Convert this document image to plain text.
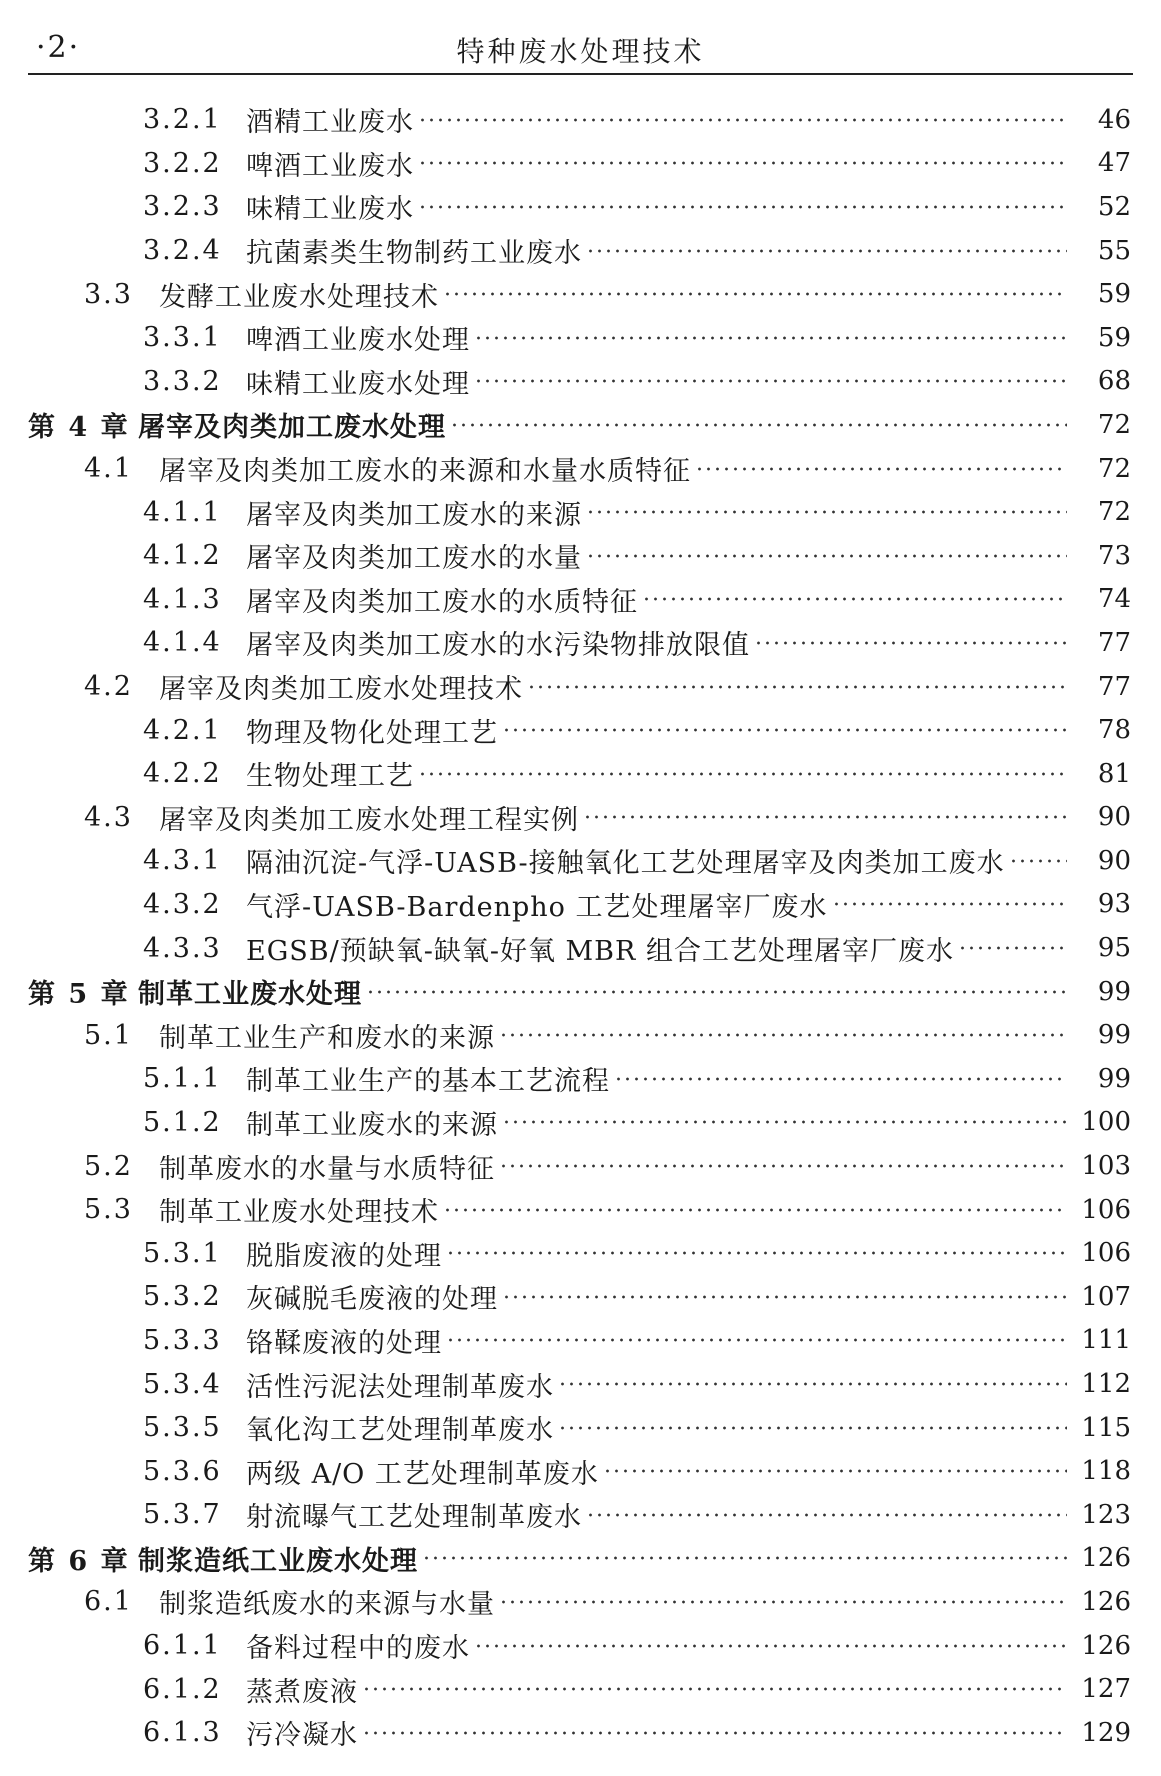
·2·	特种废水处理技术
3.2.1 酒精工业废水	46
3.2.2 啤酒工业废水	47
3.2.3 味精工业废水	52
3.2.4 抗菌素类生物制药工业废水	55
3.3 发酵工业废水处理技术	59
3.3.1 啤酒工业废水处理	59
3.3.2 味精工业废水处理	68
第 4 章 屠宰及肉类加工废水处理	72
4.1 屠宰及肉类加工废水的来源和水量水质特征	72
4.1.1 屠宰及肉类加工废水的来源	72
4.1.2 屠宰及肉类加工废水的水量	73
4.1.3 屠宰及肉类加工废水的水质特征	74
4.1.4 屠宰及肉类加工废水的水污染物排放限值	77
4.2 屠宰及肉类加工废水处理技术	77
4.2.1 物理及物化处理工艺	78
4.2.2 生物处理工艺	81
4.3 屠宰及肉类加工废水处理工程实例	90
4.3.1 隔油沉淀-气浮-UASB-接触氧化工艺处理屠宰及肉类加工废水	90
4.3.2 气浮-UASB-Bardenpho 工艺处理屠宰厂废水	93
4.3.3 EGSB/预缺氧-缺氧-好氧 MBR 组合工艺处理屠宰厂废水	95
第 5 章 制革工业废水处理	99
5.1 制革工业生产和废水的来源	99
5.1.1 制革工业生产的基本工艺流程	99
5.1.2 制革工业废水的来源	100
5.2 制革废水的水量与水质特征	103
5.3 制革工业废水处理技术	106
5.3.1 脱脂废液的处理	106
5.3.2 灰碱脱毛废液的处理	107
5.3.3 铬鞣废液的处理	111
5.3.4 活性污泥法处理制革废水	112
5.3.5 氧化沟工艺处理制革废水	115
5.3.6 两级 A/O 工艺处理制革废水	118
5.3.7 射流曝气工艺处理制革废水	123
第 6 章 制浆造纸工业废水处理	126
6.1 制浆造纸废水的来源与水量	126
6.1.1 备料过程中的废水	126
6.1.2 蒸煮废液	127
6.1.3 污冷凝水	129
